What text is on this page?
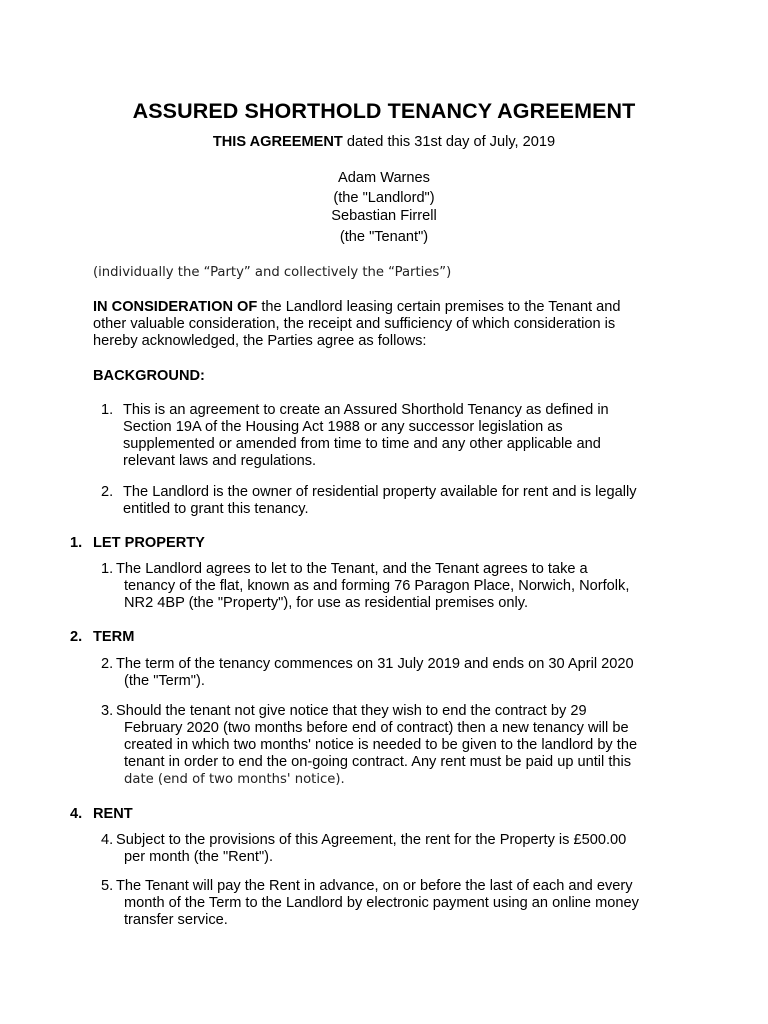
ASSURED SHORTHOLD TENANCY AGREEMENT
THIS AGREEMENT dated this 31st day of July, 2019
Adam Warnes
(the "Landlord")
Sebastian Firrell
(the "Tenant")
(individually the “Party” and collectively the “Parties”)
IN CONSIDERATION OF the Landlord leasing certain premises to the Tenant and
other valuable consideration, the receipt and sufficiency of which consideration is
hereby acknowledged, the Parties agree as follows:
BACKGROUND:
1. This is an agreement to create an Assured Shorthold Tenancy as defined in
Section 19A of the Housing Act 1988 or any successor legislation as
supplemented or amended from time to time and any other applicable and
relevant laws and regulations.
2. The Landlord is the owner of residential property available for rent and is legally
entitled to grant this tenancy.
1. LET PROPERTY
1. The Landlord agrees to let to the Tenant, and the Tenant agrees to take a
tenancy of the flat, known as and forming 76 Paragon Place, Norwich, Norfolk,
NR2 4BP (the "Property"), for use as residential premises only.
2. TERM
2. The term of the tenancy commences on 31 July 2019 and ends on 30 April 2020
(the "Term").
3. Should the tenant not give notice that they wish to end the contract by 29
February 2020 (two months before end of contract) then a new tenancy will be
created in which two months' notice is needed to be given to the landlord by the
tenant in order to end the on-going contract. Any rent must be paid up until this
date (end of two months' notice).
4. RENT
4. Subject to the provisions of this Agreement, the rent for the Property is £500.00
per month (the "Rent").
5. The Tenant will pay the Rent in advance, on or before the last of each and every
month of the Term to the Landlord by electronic payment using an online money
transfer service.
